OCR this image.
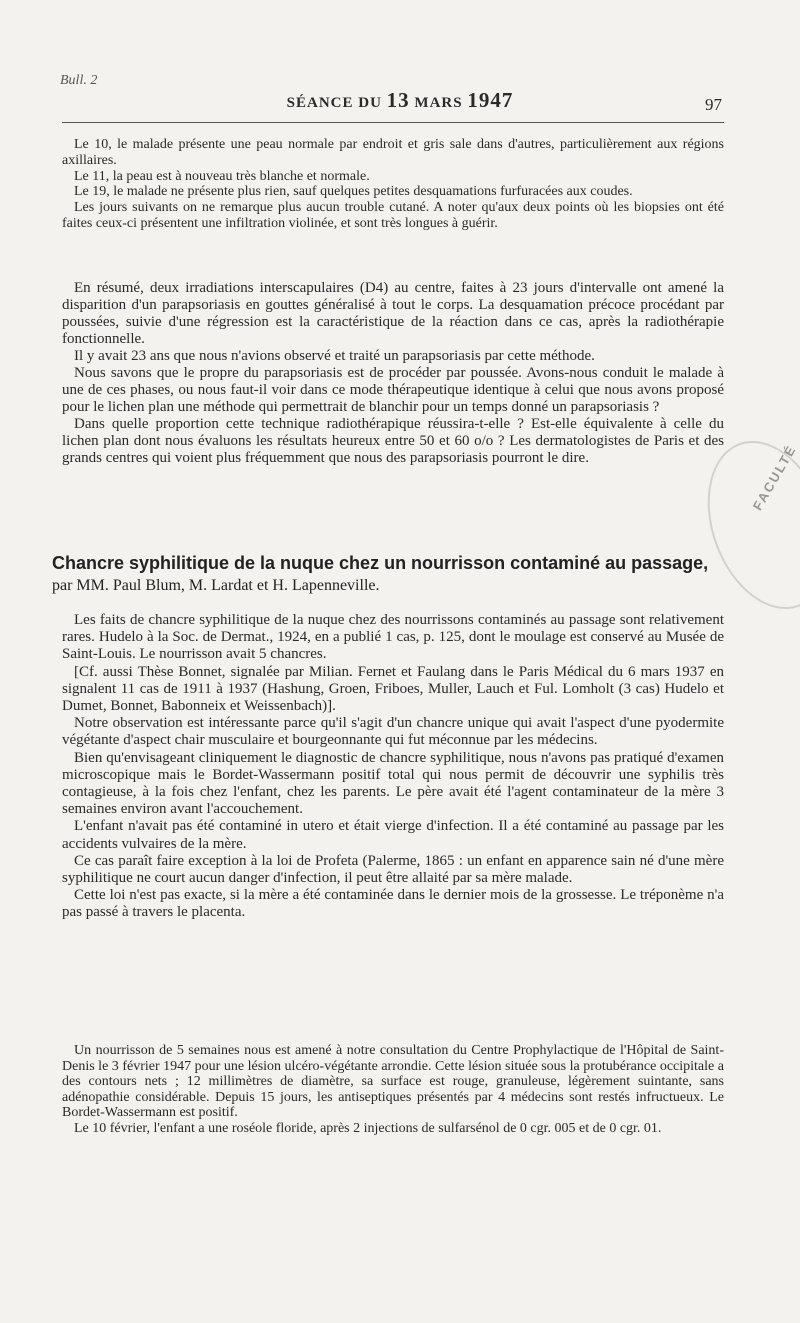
Bull. 2
SÉANCE DU 13 MARS 1947	97

Le 10, le malade présente une peau normale par endroit et gris sale dans d'autres, particulièrement aux régions axillaires.

Le 11, la peau est à nouveau très blanche et normale.

Le 19, le malade ne présente plus rien, sauf quelques petites desquamations furfuracées aux coudes.

Les jours suivants on ne remarque plus aucun trouble cutané. A noter qu'aux deux points où les biopsies ont été faites ceux-ci présentent une infiltration violinée, et sont très longues à guérir.

En résumé, deux irradiations interscapulaires (D4) au centre, faites à 23 jours d'intervalle ont amené la disparition d'un parapsoriasis en gouttes généralisé à tout le corps. La desquamation précoce procédant par poussées, suivie d'une régression est la caractéristique de la réaction dans ce cas, après la radiothérapie fonctionnelle.

Il y avait 23 ans que nous n'avions observé et traité un parapsoriasis par cette méthode.

Nous savons que le propre du parapsoriasis est de procéder par poussée. Avons-nous conduit le malade à une de ces phases, ou nous faut-il voir dans ce mode thérapeutique identique à celui que nous avons proposé pour le lichen plan une méthode qui permettrait de blanchir pour un temps donné un parapsoriasis ?

Dans quelle proportion cette technique radiothérapique réussira-t-elle ? Est-elle équivalente à celle du lichen plan dont nous évaluons les résultats heureux entre 50 et 60 o/o ? Les dermatologistes de Paris et des grands centres qui voient plus fréquemment que nous des parapsoriasis pourront le dire.	FACULTÉ
Chancre syphilitique de la nuque chez un nourrisson contaminé au passage, par MM. Paul Blum, M. Lardat et H. Lapenneville.

Les faits de chancre syphilitique de la nuque chez des nourrissons contaminés au passage sont relativement rares. Hudelo à la Soc. de Dermat., 1924, en a publié 1 cas, p. 125, dont le moulage est conservé au Musée de Saint-Louis. Le nourrisson avait 5 chancres.

[Cf. aussi Thèse Bonnet, signalée par Milian. Fernet et Faulang dans le Paris Médical du 6 mars 1937 en signalent 11 cas de 1911 à 1937 (Hashung, Groen, Friboes, Muller, Lauch et Ful. Lomholt (3 cas) Hudelo et Dumet, Bonnet, Babonneix et Weissenbach)].

Notre observation est intéressante parce qu'il s'agit d'un chancre unique qui avait l'aspect d'une pyodermite végétante d'aspect chair musculaire et bourgeonnante qui fut méconnue par les médecins.

Bien qu'envisageant cliniquement le diagnostic de chancre syphilitique, nous n'avons pas pratiqué d'examen microscopique mais le Bordet-Wassermann positif total qui nous permit de découvrir une syphilis très contagieuse, à la fois chez l'enfant, chez les parents. Le père avait été l'agent contaminateur de la mère 3 semaines environ avant l'accouchement.

L'enfant n'avait pas été contaminé in utero et était vierge d'infection. Il a été contaminé au passage par les accidents vulvaires de la mère.

Ce cas paraît faire exception à la loi de Profeta (Palerme, 1865 : un enfant en apparence sain né d'une mère syphilitique ne court aucun danger d'infection, il peut être allaité par sa mère malade.

Cette loi n'est pas exacte, si la mère a été contaminée dans le dernier mois de la grossesse. Le tréponème n'a pas passé à travers le placenta.

Un nourrisson de 5 semaines nous est amené à notre consultation du Centre Prophylactique de l'Hôpital de Saint-Denis le 3 février 1947 pour une lésion ulcéro-végétante arrondie. Cette lésion située sous la protubérance occipitale a des contours nets ; 12 millimètres de diamètre, sa surface est rouge, granuleuse, légèrement suintante, sans adénopathie considérable. Depuis 15 jours, les antiseptiques présentés par 4 médecins sont restés infructueux. Le Bordet-Wassermann est positif.

Le 10 février, l'enfant a une roséole floride, après 2 injections de sulfarsénol de 0 cgr. 005 et de 0 cgr. 01.
